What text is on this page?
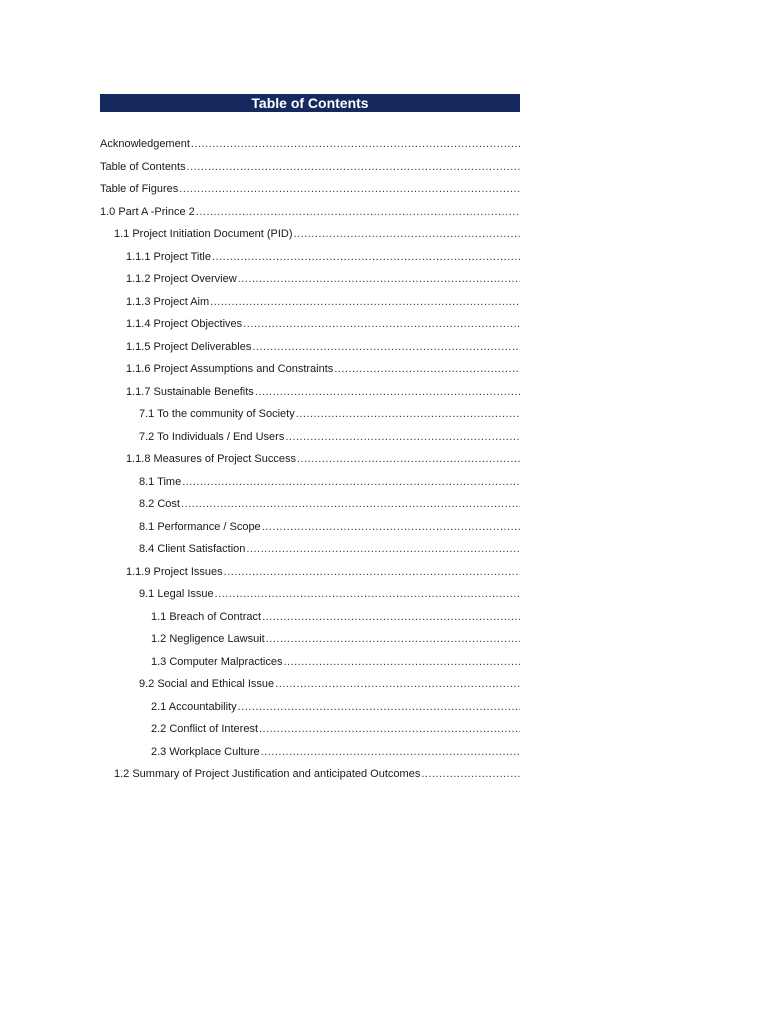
Table of Contents
Acknowledgement
.....
Table of Contents
.....
Table of Figures
.....
1.0 Part A -Prince 2
.....
1.1 Project Initiation Document (PID)
.....
1.1.1 Project Title
.....
1.1.2 Project Overview
.....
1.1.3 Project Aim
.....
1.1.4 Project Objectives
.....
1.1.5 Project Deliverables
.....
1.1.6 Project Assumptions and Constraints
.....
1.1.7 Sustainable Benefits
.....
7.1 To the community of Society
.....
7.2 To Individuals / End Users
.....
1.1.8 Measures of Project Success
.....
8.1 Time
.....
8.2 Cost
.....
8.1 Performance / Scope
.....
8.4 Client Satisfaction
.....
1.1.9 Project Issues
.....
9.1 Legal Issue
.....
1.1 Breach of Contract
.....
1.2 Negligence Lawsuit
.....
1.3 Computer Malpractices
.....
9.2 Social and Ethical Issue
.....
2.1 Accountability
.....
2.2 Conflict of Interest
.....
2.3 Workplace Culture
.....
1.2 Summary of Project Justification and anticipated Outcomes
.....
